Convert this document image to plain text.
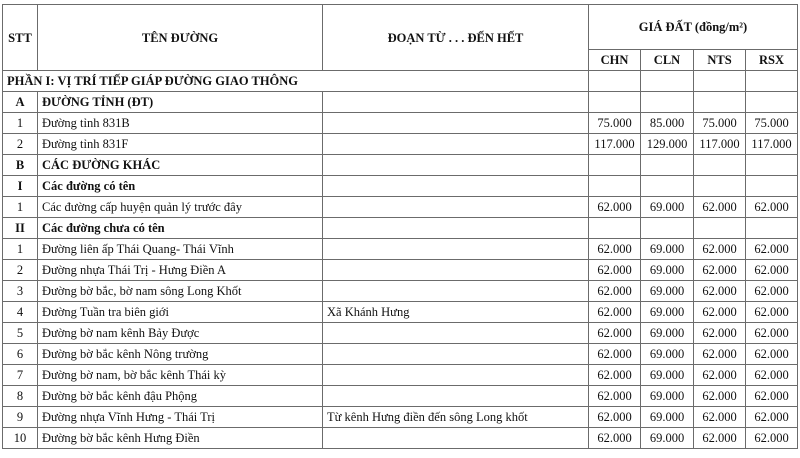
STT	TÊN ĐƯỜNG	ĐOẠN TỪ . . . ĐẾN HẾT	GIÁ ĐẤT (đồng/m²)			
			CHN	CLN	NTS	RSX
PHẦN I: VỊ TRÍ TIẾP GIÁP ĐƯỜNG GIAO THÔNG						
A	ĐƯỜNG TỈNH (ĐT)					
1	Đường tỉnh 831B		75.000	85.000	75.000	75.000
2	Đường tỉnh 831F		117.000	129.000	117.000	117.000
B	CÁC ĐƯỜNG KHÁC					
I	Các đường có tên					
1	Các đường cấp huyện quản lý trước đây		62.000	69.000	62.000	62.000
II	Các đường chưa có tên					
1	Đường liên ấp Thái Quang- Thái Vĩnh		62.000	69.000	62.000	62.000
2	Đường nhựa Thái Trị - Hưng Điền A		62.000	69.000	62.000	62.000
3	Đường bờ bắc, bờ nam sông Long Khốt		62.000	69.000	62.000	62.000
4	Đường Tuần tra biên giới	Xã Khánh Hưng	62.000	69.000	62.000	62.000
5	Đường bờ nam kênh Bảy Được		62.000	69.000	62.000	62.000
6	Đường bờ bắc kênh Nông trường		62.000	69.000	62.000	62.000
7	Đường bờ nam, bờ bắc kênh Thái kỳ		62.000	69.000	62.000	62.000
8	Đường bờ bắc kênh đậu Phộng		62.000	69.000	62.000	62.000
9	Đường nhựa Vĩnh Hưng - Thái Trị	Từ kênh Hưng điền đến sông Long khốt	62.000	69.000	62.000	62.000
10	Đường bờ bắc kênh Hưng Điền		62.000	69.000	62.000	62.000
